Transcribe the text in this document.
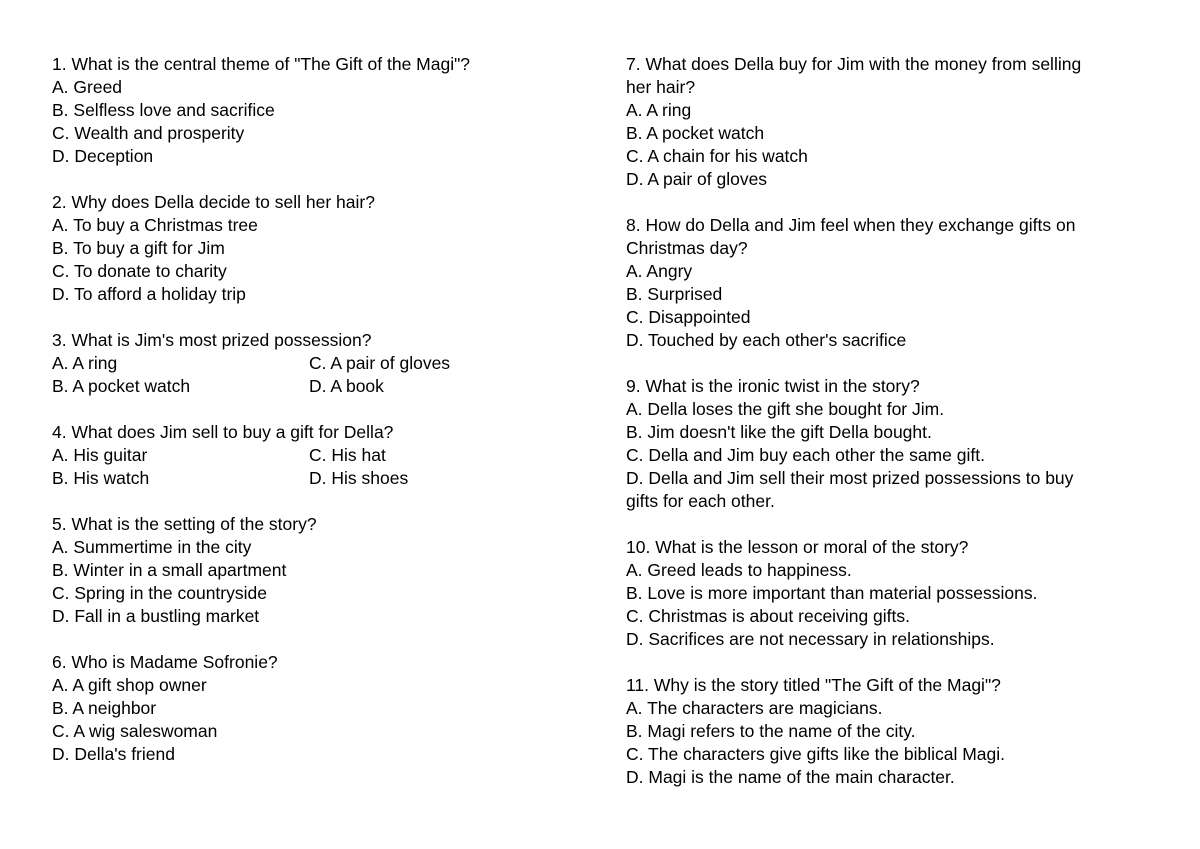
1. What is the central theme of "The Gift of the Magi"?
A. Greed
B. Selfless love and sacrifice
C. Wealth and prosperity
D. Deception
2. Why does Della decide to sell her hair?
A. To buy a Christmas tree
B. To buy a gift for Jim
C. To donate to charity
D. To afford a holiday trip
3. What is Jim's most prized possession?
A. A ring	C. A pair of gloves
B. A pocket watch	D. A book
4. What does Jim sell to buy a gift for Della?
A. His guitar	C. His hat
B. His watch	D. His shoes
5. What is the setting of the story?
A. Summertime in the city
B. Winter in a small apartment
C. Spring in the countryside
D. Fall in a bustling market
6. Who is Madame Sofronie?
A. A gift shop owner
B. A neighbor
C. A wig saleswoman
D. Della's friend
7. What does Della buy for Jim with the money from selling
her hair?
A. A ring
B. A pocket watch
C. A chain for his watch
D. A pair of gloves
8. How do Della and Jim feel when they exchange gifts on
Christmas day?
A. Angry
B. Surprised
C. Disappointed
D. Touched by each other's sacrifice
9. What is the ironic twist in the story?
A. Della loses the gift she bought for Jim.
B. Jim doesn't like the gift Della bought.
C. Della and Jim buy each other the same gift.
D. Della and Jim sell their most prized possessions to buy
gifts for each other.
10. What is the lesson or moral of the story?
A. Greed leads to happiness.
B. Love is more important than material possessions.
C. Christmas is about receiving gifts.
D. Sacrifices are not necessary in relationships.
11. Why is the story titled "The Gift of the Magi"?
A. The characters are magicians.
B. Magi refers to the name of the city.
C. The characters give gifts like the biblical Magi.
D. Magi is the name of the main character.
